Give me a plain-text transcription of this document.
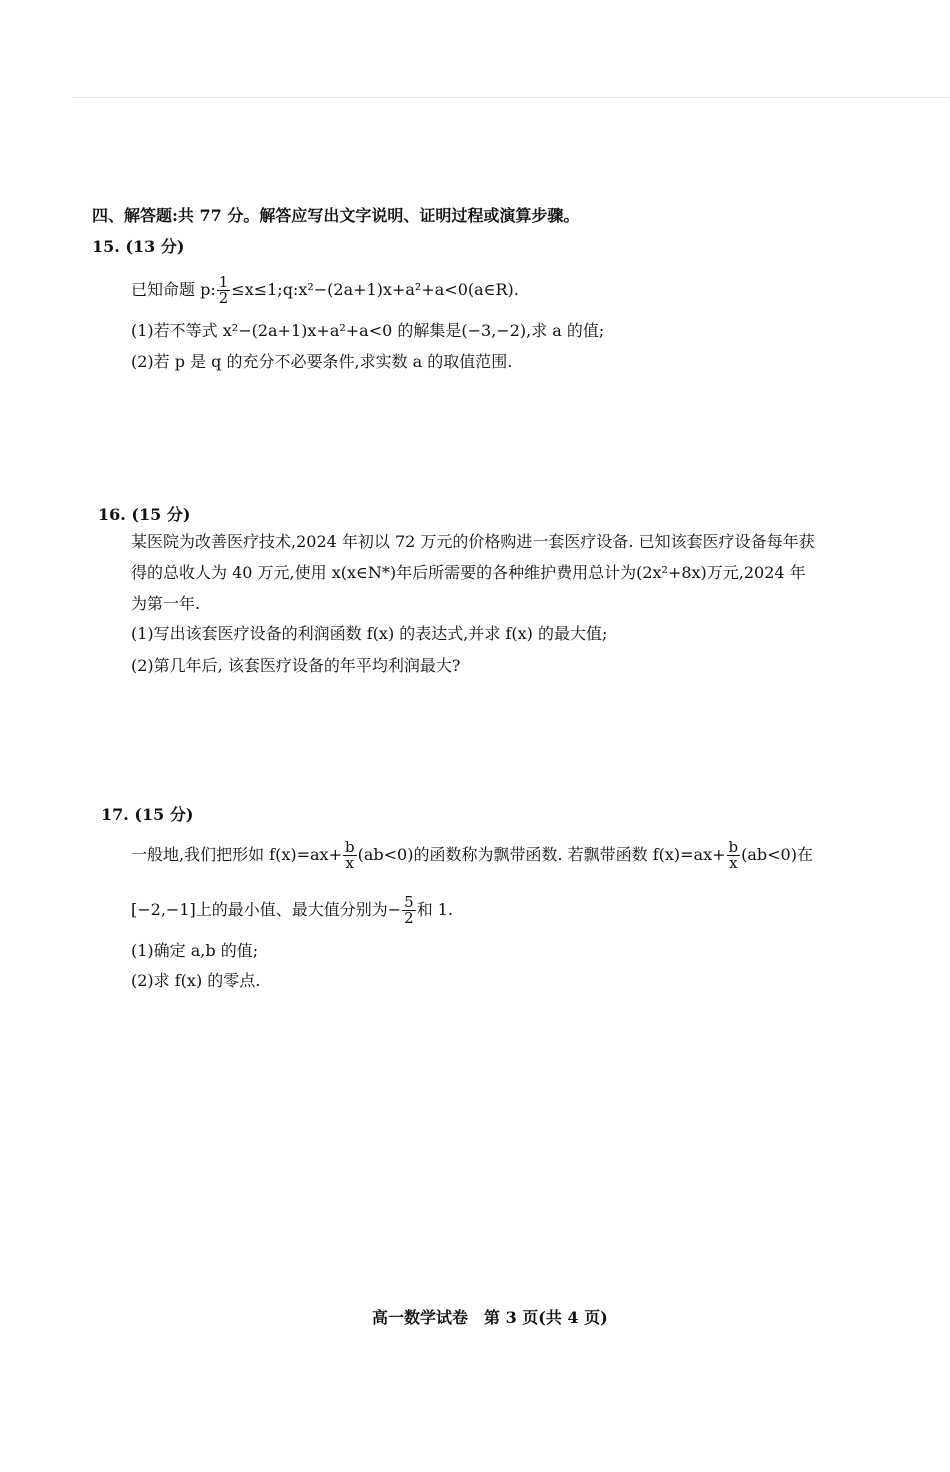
四、解答题:共 77 分。解答应写出文字说明、证明过程或演算步骤。
15. (13 分)
已知命题 p: $\frac{1}{2}$ ≤x≤1;q:x²−(2a+1)x+a²+a<0(a∈R).
(1)若不等式 x²−(2a+1)x+a²+a<0 的解集是(−3,−2),求 a 的值;
(2)若 p 是 q 的充分不必要条件,求实数 a 的取值范围.
16. (15 分)
某医院为改善医疗技术,2024 年初以 72 万元的价格购进一套医疗设备. 已知该套医疗设备每年获
得的总收人为 40 万元,使用 x(x∈N*)年后所需要的各种维护费用总计为(2x²+8x)万元,2024 年
为第一年.
(1)写出该套医疗设备的利润函数 f(x) 的表达式,并求 f(x) 的最大值;
(2)第几年后, 该套医疗设备的年平均利润最大?
17. (15 分)
一般地,我们把形如 $f(x)=ax+ \frac{b}{x} (ab<0)$的函数称为飘带函数. 若飘带函数 $f(x)=ax+ \frac{b}{x} (ab<0)$在
[−2,−1]上的最小值、最大值分别为− $\frac{5}{2}$ 和 1.
(1)确定 a,b 的值;
(2)求 f(x) 的零点.
高一数学试卷　第 3 页(共 4 页)
